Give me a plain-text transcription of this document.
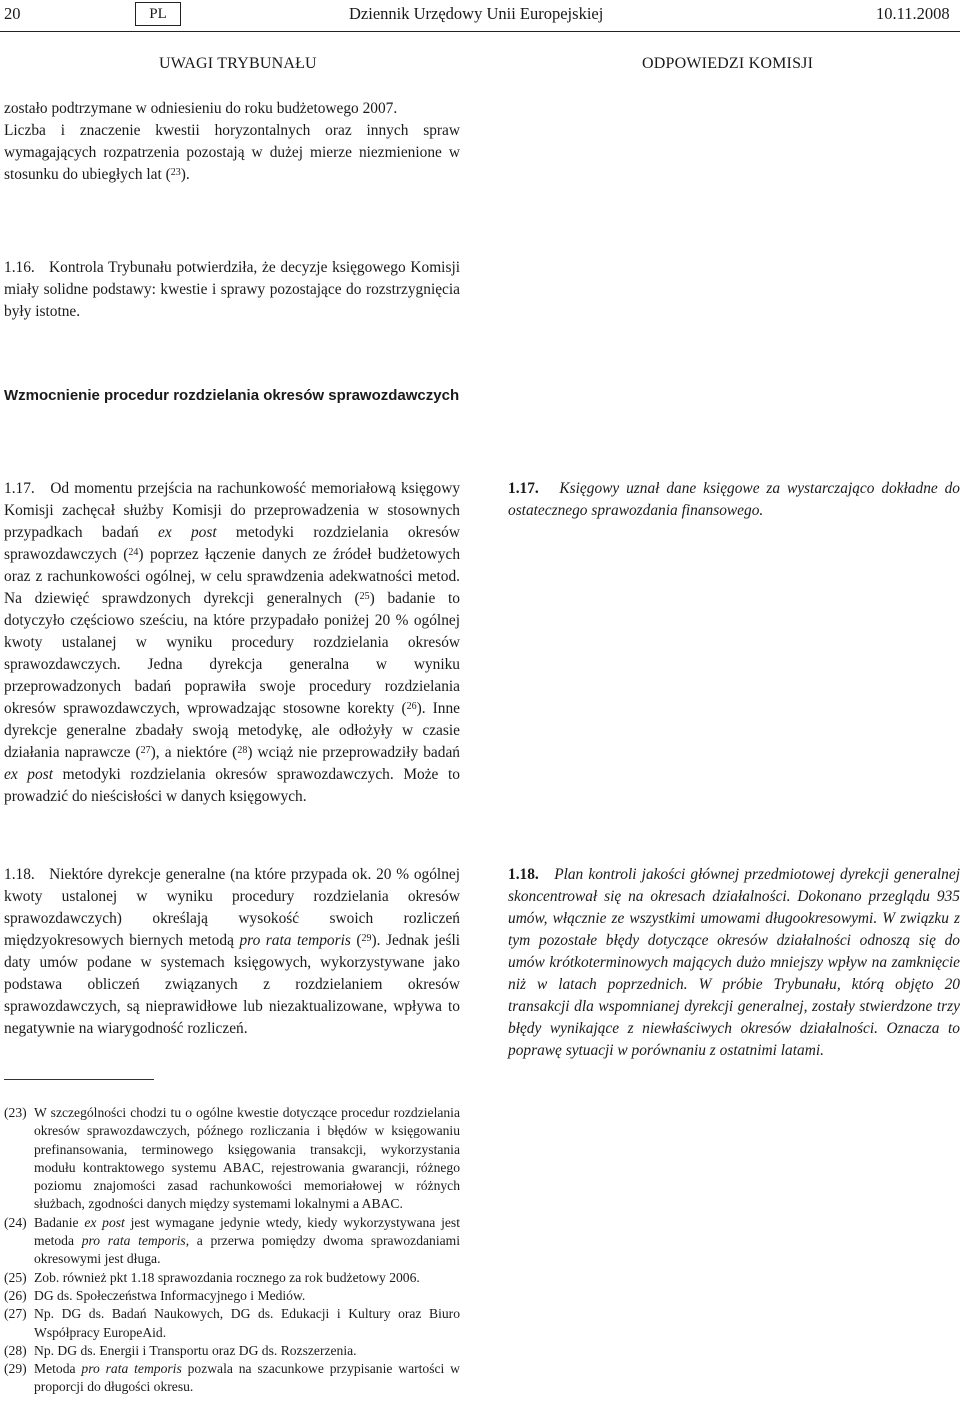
20	PL	Dziennik Urzędowy Unii Europejskiej	10.11.2008
UWAGI TRYBUNAŁU	ODPOWIEDZI KOMISJI

zostało podtrzymane w odniesieniu do roku budżetowego 2007.

Liczba i znaczenie kwestii horyzontalnych oraz innych spraw wymagających rozpatrzenia pozostają w dużej mierze niezmienione w stosunku do ubiegłych lat ($^{23}$).

1.16. Kontrola Trybunału potwierdziła, że decyzje księgowego Komisji miały solidne podstawy: kwestie i sprawy pozostające do rozstrzygnięcia były istotne.
Wzmocnienie procedur rozdzielania okresów sprawozdawczych
1.17. Od momentu przejścia na rachunkowość memoriałową księgowy Komisji zachęcał służby Komisji do przeprowadzenia w stosownych przypadkach badań ex post metodyki rozdzielania okresów sprawozdawczych ($^{24}$) poprzez łączenie danych ze źródeł budżetowych oraz z rachunkowości ogólnej, w celu sprawdzenia adekwatności metod. Na dziewięć sprawdzonych dyrekcji generalnych ($^{25}$) badanie to dotyczyło częściowo sześciu, na które przypadało poniżej 20 % ogólnej kwoty ustalanej w wyniku procedury rozdzielania okresów sprawozdawczych. Jedna dyrekcja generalna w wyniku przeprowadzonych badań poprawiła swoje procedury rozdzielania okresów sprawozdawczych, wprowadzając stosowne korekty ($^{26}$). Inne dyrekcje generalne zbadały swoją metodykę, ale odłożyły w czasie działania naprawcze ($^{27}$), a niektóre ($^{28}$) wciąż nie przeprowadziły badań ex post metodyki rozdzielania okresów sprawozdawczych. Może to prowadzić do nieścisłości w danych księgowych.
1.17. Księgowy uznał dane księgowe za wystarczająco dokładne do ostatecznego sprawozdania finansowego.
1.18. Niektóre dyrekcje generalne (na które przypada ok. 20 % ogólnej kwoty ustalonej w wyniku procedury rozdzielania okresów sprawozdawczych) określają wysokość swoich rozliczeń międzyokresowych biernych metodą pro rata temporis ($^{29}$). Jednak jeśli daty umów podane w systemach księgowych, wykorzystywane jako podstawa obliczeń związanych z rozdzielaniem okresów sprawozdawczych, są nieprawidłowe lub niezaktualizowane, wpływa to negatywnie na wiarygodność rozliczeń.
1.18. Plan kontroli jakości głównej przedmiotowej dyrekcji generalnej skoncentrował się na okresach działalności. Dokonano przeglądu 935 umów, włącznie ze wszystkimi umowami długookresowymi. W związku z tym pozostałe błędy dotyczące okresów działalności odnoszą się do umów krótkoterminowych mających dużo mniejszy wpływ na zamknięcie niż w latach poprzednich. W próbie Trybunału, którą objęto 20 transakcji dla wspomnianej dyrekcji generalnej, zostały stwierdzone trzy błędy wynikające z niewłaściwych okresów działalności. Oznacza to poprawę sytuacji w porównaniu z ostatnimi latami.
(23) W szczególności chodzi tu o ogólne kwestie dotyczące procedur rozdzielania okresów sprawozdawczych, późnego rozliczania i błędów w księgowaniu prefinansowania, terminowego księgowania transakcji, wykorzystania modułu kontraktowego systemu ABAC, rejestrowania gwarancji, różnego poziomu znajomości zasad rachunkowości memoriałowej w różnych służbach, zgodności danych między systemami lokalnymi a ABAC.
(24) Badanie ex post jest wymagane jedynie wtedy, kiedy wykorzystywana jest metoda pro rata temporis, a przerwa pomiędzy dwoma sprawozdaniami okresowymi jest długa.
(25) Zob. również pkt 1.18 sprawozdania rocznego za rok budżetowy 2006.
(26) DG ds. Społeczeństwa Informacyjnego i Mediów.
(27) Np. DG ds. Badań Naukowych, DG ds. Edukacji i Kultury oraz Biuro Współpracy EuropeAid.
(28) Np. DG ds. Energii i Transportu oraz DG ds. Rozszerzenia.
(29) Metoda pro rata temporis pozwala na szacunkowe przypisanie wartości w proporcji do długości okresu.
